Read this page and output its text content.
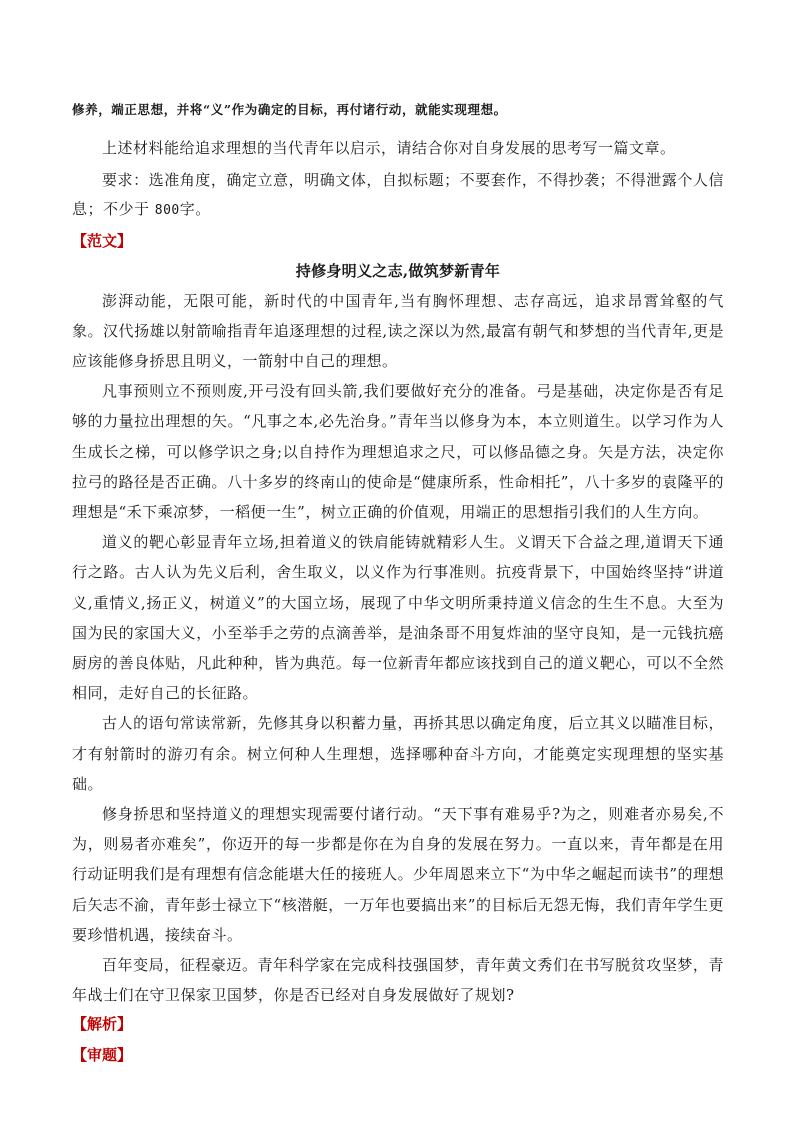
修养，端正思想，并将“义”作为确定的目标，再付诸行动，就能实现理想。

上述材料能给追求理想的当代青年以启示，请结合你对自身发展的思考写一篇文章。

要求：选准角度，确定立意，明确文体，自拟标题；不要套作，不得抄袭；不得泄露个人信息；不少于 800字。

【范文】

持修身明义之志,做筑梦新青年

澎湃动能，无限可能，新时代的中国青年,当有胸怀理想、志存高远，追求昂霄耸壑的气象。汉代扬雄以射箭喻指青年追逐理想的过程,读之深以为然,最富有朝气和梦想的当代青年,更是应该能修身挢思且明义，一箭射中自己的理想。

凡事预则立不预则废,开弓没有回头箭,我们要做好充分的准备。弓是基础，决定你是否有足够的力量拉出理想的矢。“凡事之本,必先治身。”青年当以修身为本，本立则道生。以学习作为人生成长之梯，可以修学识之身;以自持作为理想追求之尺，可以修品德之身。矢是方法，决定你拉弓的路径是否正确。八十多岁的终南山的使命是“健康所系，性命相托”，八十多岁的袁隆平的理想是“禾下乘凉梦，一稻便一生”，树立正确的价值观，用端正的思想指引我们的人生方向。

道义的靶心彰显青年立场,担着道义的铁肩能铸就精彩人生。义谓天下合益之理,道谓天下通行之路。古人认为先义后利，舍生取义，以义作为行事准则。抗疫背景下，中国始终坚持“讲道义,重情义,扬正义，树道义”的大国立场，展现了中华文明所秉持道义信念的生生不息。大至为国为民的家国大义，小至举手之劳的点滴善举，是油条哥不用复炸油的坚守良知，是一元钱抗癌厨房的善良体贴，凡此种种，皆为典范。每一位新青年都应该找到自己的道义靶心，可以不全然相同，走好自己的长征路。

古人的语句常读常新，先修其身以积蓄力量，再挢其思以确定角度，后立其义以瞄准目标，才有射箭时的游刃有余。树立何种人生理想，选择哪种奋斗方向，才能奠定实现理想的坚实基础。

修身挢思和坚持道义的理想实现需要付诸行动。“天下事有难易乎?为之，则难者亦易矣,不为，则易者亦难矣”，你迈开的每一步都是你在为自身的发展在努力。一直以来，青年都是在用行动证明我们是有理想有信念能堪大任的接班人。少年周恩来立下“为中华之崛起而读书”的理想后矢志不渝，青年彭士禄立下“核潜艇，一万年也要搞出来”的目标后无怨无悔，我们青年学生更要珍惜机遇，接续奋斗。

百年变局，征程豪迈。青年科学家在完成科技强国梦，青年黄文秀们在书写脱贫攻坚梦，青年战士们在守卫保家卫国梦，你是否已经对自身发展做好了规划?

【解析】

【审题】
